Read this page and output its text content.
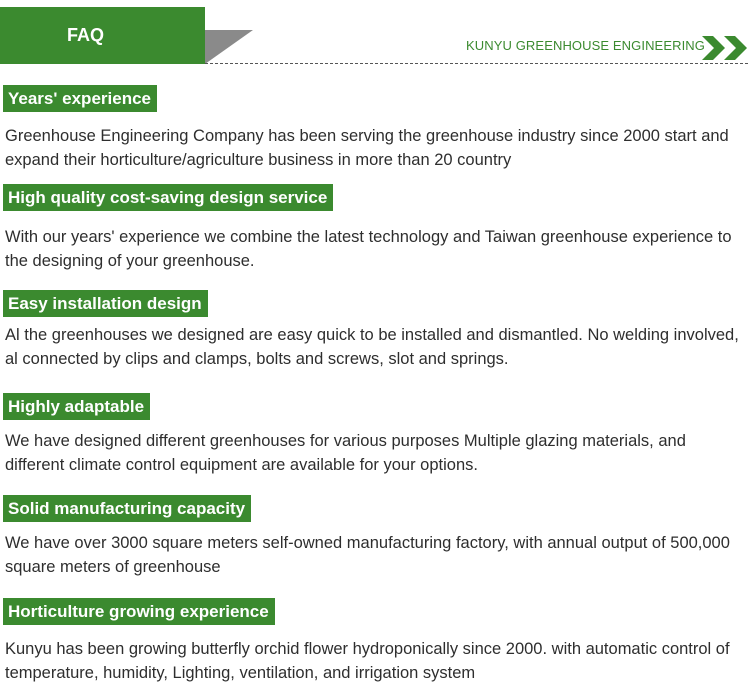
FAQ
KUNYU GREENHOUSE ENGINEERING
Years' experience
Greenhouse Engineering Company has been serving the greenhouse industry since 2000 start and expand their horticulture/agriculture business in more than 20 country
High quality cost-saving design service
With our years' experience we combine the latest technology and Taiwan greenhouse experience to the designing of your greenhouse.
Easy installation design
Al the greenhouses we designed are easy quick to be installed and dismantled. No welding involved, al connected by clips and clamps, bolts and screws, slot and springs.
Highly adaptable
We have designed different greenhouses for various purposes Multiple glazing materials, and different climate control equipment are available for your options.
Solid manufacturing capacity
We have over 3000 square meters self-owned manufacturing factory, with annual output of 500,000 square meters of greenhouse
Horticulture growing experience
Kunyu has been growing butterfly orchid flower hydroponically since 2000. with automatic control of temperature, humidity, Lighting, ventilation, and irrigation system
